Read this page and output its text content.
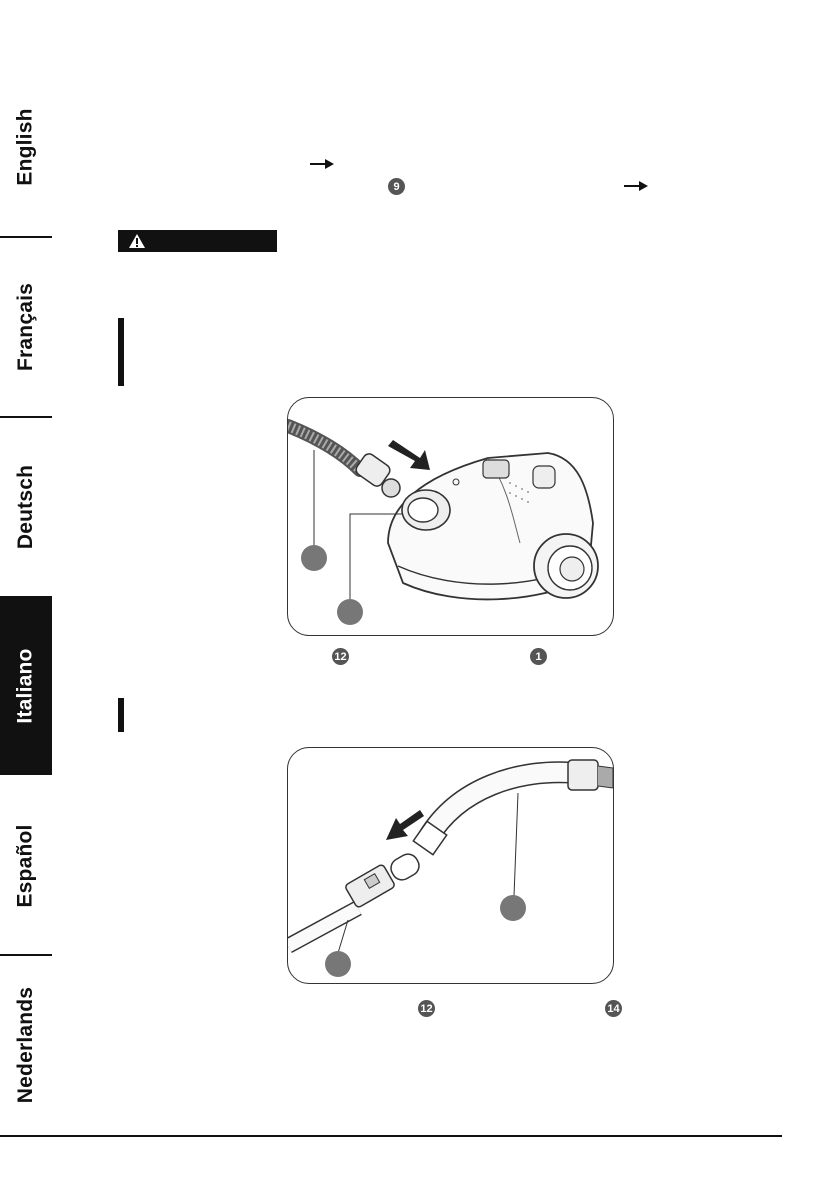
English
Français
Deutsch
Italiano
Español
Nederlands
9
12	1
12	14
